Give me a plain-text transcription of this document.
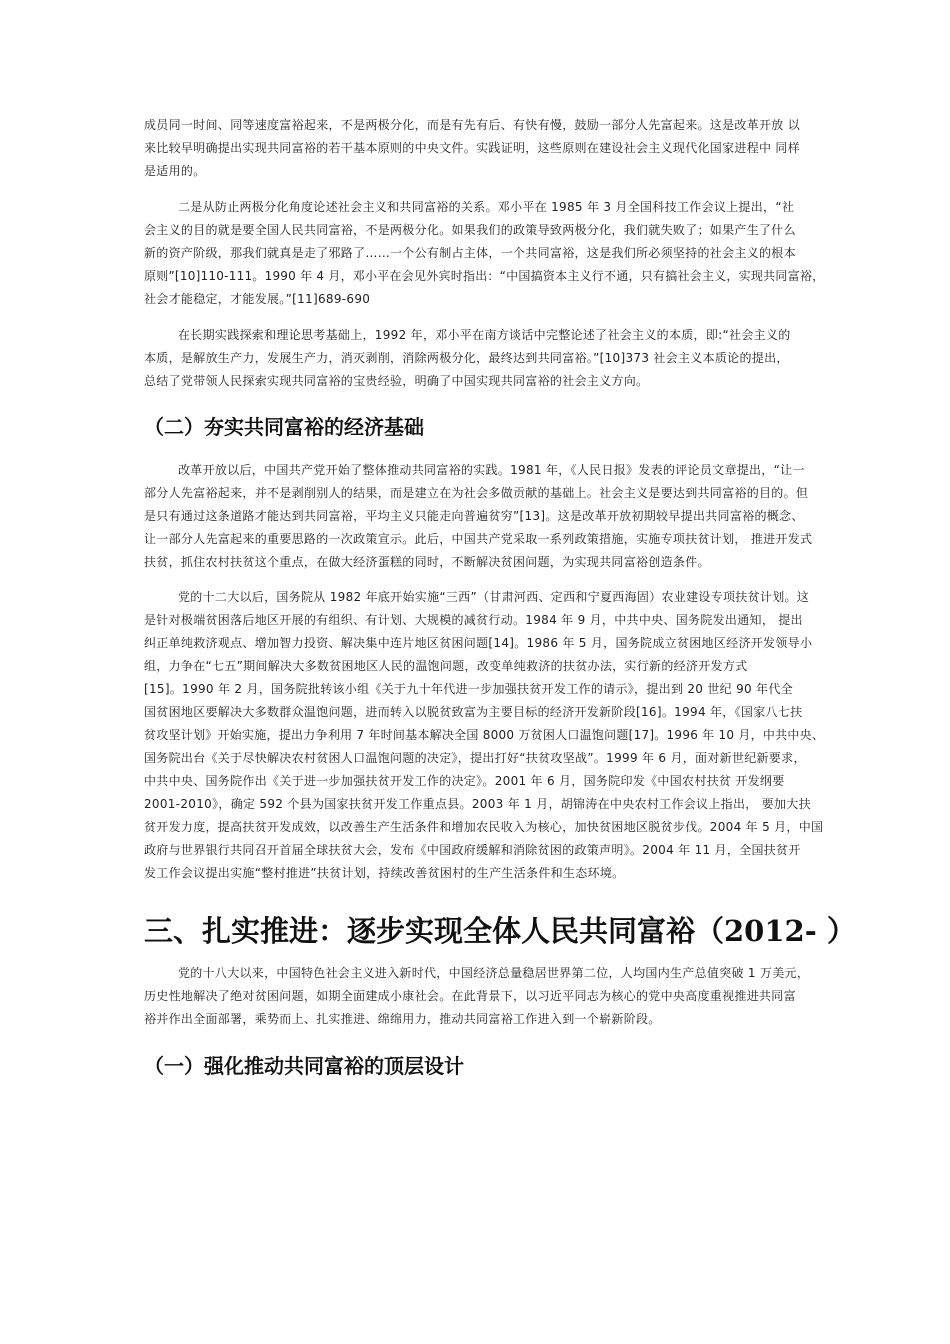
成员同一时间、同等速度富裕起来，不是两极分化，而是有先有后、有快有慢，鼓励一部分人先富起来。这是改革开放 以
来比较早明确提出实现共同富裕的若干基本原则的中央文件。实践证明，这些原则在建设社会主义现代化国家进程中 同样
是适用的。
二是从防止两极分化角度论述社会主义和共同富裕的关系。邓小平在 1985 年 3 月全国科技工作会议上提出，“社
会主义的目的就是要全国人民共同富裕，不是两极分化。如果我们的政策导致两极分化，我们就失败了；如果产生了什么
新的资产阶级，那我们就真是走了邪路了……一个公有制占主体，一个共同富裕，这是我们所必须坚持的社会主义的根本
原则”[10]110-111。1990 年 4 月，邓小平在会见外宾时指出：“中国搞资本主义行不通，只有搞社会主义，实现共同富裕，
社会才能稳定，才能发展。”[11]689-690
在长期实践探索和理论思考基础上，1992 年，邓小平在南方谈话中完整论述了社会主义的本质，即:“社会主义的
本质，是解放生产力，发展生产力，消灭剥削，消除两极分化，最终达到共同富裕。”[10]373 社会主义本质论的提出，
总结了党带领人民探索实现共同富裕的宝贵经验，明确了中国实现共同富裕的社会主义方向。
（二）夯实共同富裕的经济基础
改革开放以后，中国共产党开始了整体推动共同富裕的实践。1981 年，《人民日报》发表的评论员文章提出，“让一
部分人先富裕起来，并不是剥削别人的结果，而是建立在为社会多做贡献的基础上。社会主义是要达到共同富裕的目的。但
是只有通过这条道路才能达到共同富裕，平均主义只能走向普遍贫穷”[13]。这是改革开放初期较早提出共同富裕的概念、
让一部分人先富起来的重要思路的一次政策宣示。此后，中国共产党采取一系列政策措施，实施专项扶贫计划， 推进开发式
扶贫，抓住农村扶贫这个重点，在做大经济蛋糕的同时，不断解决贫困问题，为实现共同富裕创造条件。
党的十二大以后，国务院从 1982 年底开始实施“三西”（甘肃河西、定西和宁夏西海固）农业建设专项扶贫计划。这
是针对极端贫困落后地区开展的有组织、有计划、大规模的减贫行动。1984 年 9 月，中共中央、国务院发出通知， 提出
纠正单纯救济观点、增加智力投资、解决集中连片地区贫困问题[14]。1986 年 5 月，国务院成立贫困地区经济开发领导小
组，力争在“七五”期间解决大多数贫困地区人民的温饱问题，改变单纯救济的扶贫办法，实行新的经济开发方式
[15]。1990 年 2 月，国务院批转该小组《关于九十年代进一步加强扶贫开发工作的请示》，提出到 20 世纪 90 年代全
国贫困地区要解决大多数群众温饱问题，进而转入以脱贫致富为主要目标的经济开发新阶段[16]。1994 年，《国家八七扶
贫攻坚计划》开始实施，提出力争利用 7 年时间基本解决全国 8000 万贫困人口温饱问题[17]。1996 年 10 月，中共中央、
国务院出台《关于尽快解决农村贫困人口温饱问题的决定》，提出打好“扶贫攻坚战”。1999 年 6 月，面对新世纪新要求，
中共中央、国务院作出《关于进一步加强扶贫开发工作的决定》。2001 年 6 月，国务院印发《中国农村扶贫 开发纲要
2001-2010》，确定 592 个县为国家扶贫开发工作重点县。2003 年 1 月，胡锦涛在中央农村工作会议上指出， 要加大扶
贫开发力度，提高扶贫开发成效，以改善生产生活条件和增加农民收入为核心，加快贫困地区脱贫步伐。2004 年 5 月，中国
政府与世界银行共同召开首届全球扶贫大会，发布《中国政府缓解和消除贫困的政策声明》。2004 年 11 月，全国扶贫开
发工作会议提出实施“整村推进”扶贫计划，持续改善贫困村的生产生活条件和生态环境。
三、扎实推进：逐步实现全体人民共同富裕（2012- ）
党的十八大以来，中国特色社会主义进入新时代，中国经济总量稳居世界第二位，人均国内生产总值突破 1 万美元，
历史性地解决了绝对贫困问题，如期全面建成小康社会。在此背景下，以习近平同志为核心的党中央高度重视推进共同富
裕并作出全面部署，乘势而上、扎实推进、绵绵用力，推动共同富裕工作进入到一个崭新阶段。
（一）强化推动共同富裕的顶层设计
